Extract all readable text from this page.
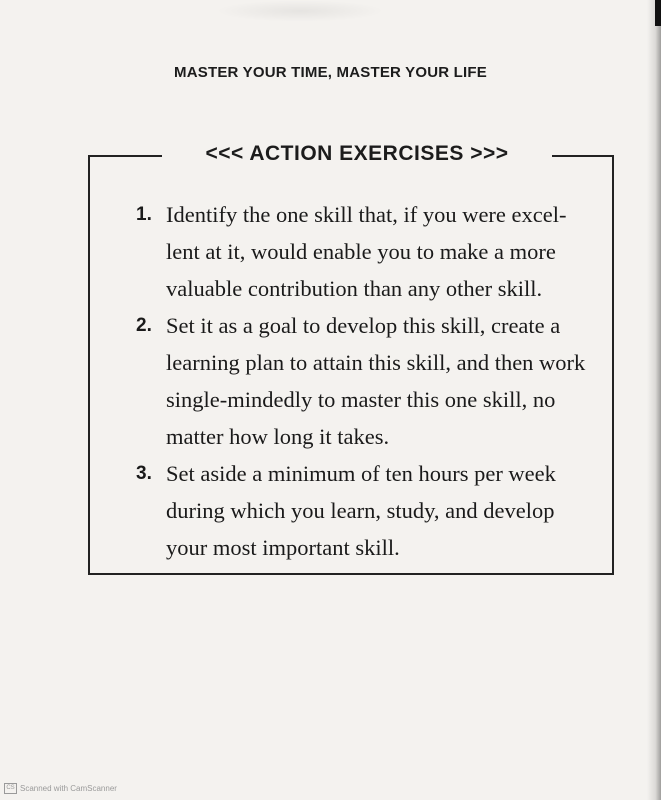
MASTER YOUR TIME, MASTER YOUR LIFE
<<< ACTION EXERCISES >>>
1. Identify the one skill that, if you were excel-
lent at it, would enable you to make a more
valuable contribution than any other skill.
2. Set it as a goal to develop this skill, create a
learning plan to attain this skill, and then work
single-mindedly to master this one skill, no
matter how long it takes.
3. Set aside a minimum of ten hours per week
during which you learn, study, and develop
your most important skill.
CS Scanned with CamScanner
